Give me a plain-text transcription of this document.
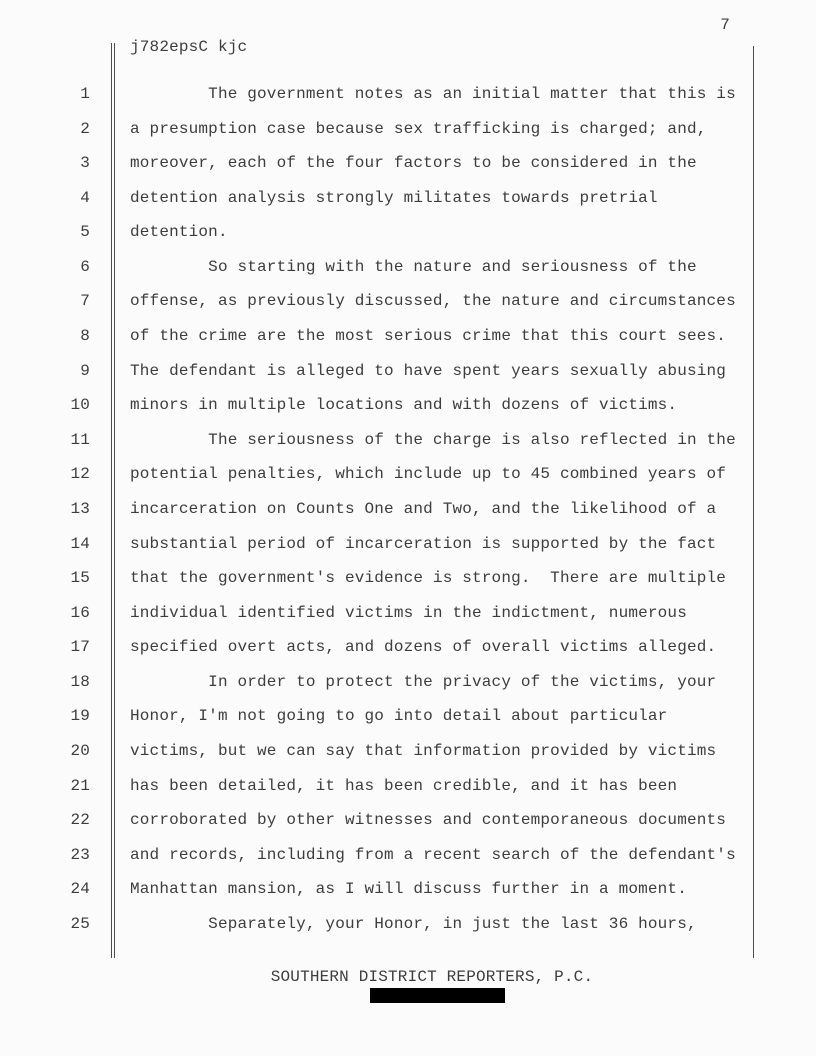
7
j782epsC kjc
1	The government notes as an initial matter that this is
2	a presumption case because sex trafficking is charged; and,
3	moreover, each of the four factors to be considered in the
4	detention analysis strongly militates towards pretrial
5	detention.
6	So starting with the nature and seriousness of the
7	offense, as previously discussed, the nature and circumstances
8	of the crime are the most serious crime that this court sees.
9	The defendant is alleged to have spent years sexually abusing
10	minors in multiple locations and with dozens of victims.
11	The seriousness of the charge is also reflected in the
12	potential penalties, which include up to 45 combined years of
13	incarceration on Counts One and Two, and the likelihood of a
14	substantial period of incarceration is supported by the fact
15	that the government's evidence is strong.  There are multiple
16	individual identified victims in the indictment, numerous
17	specified overt acts, and dozens of overall victims alleged.
18	In order to protect the privacy of the victims, your
19	Honor, I'm not going to go into detail about particular
20	victims, but we can say that information provided by victims
21	has been detailed, it has been credible, and it has been
22	corroborated by other witnesses and contemporaneous documents
23	and records, including from a recent search of the defendant's
24	Manhattan mansion, as I will discuss further in a moment.
25	Separately, your Honor, in just the last 36 hours,
SOUTHERN DISTRICT REPORTERS, P.C.
